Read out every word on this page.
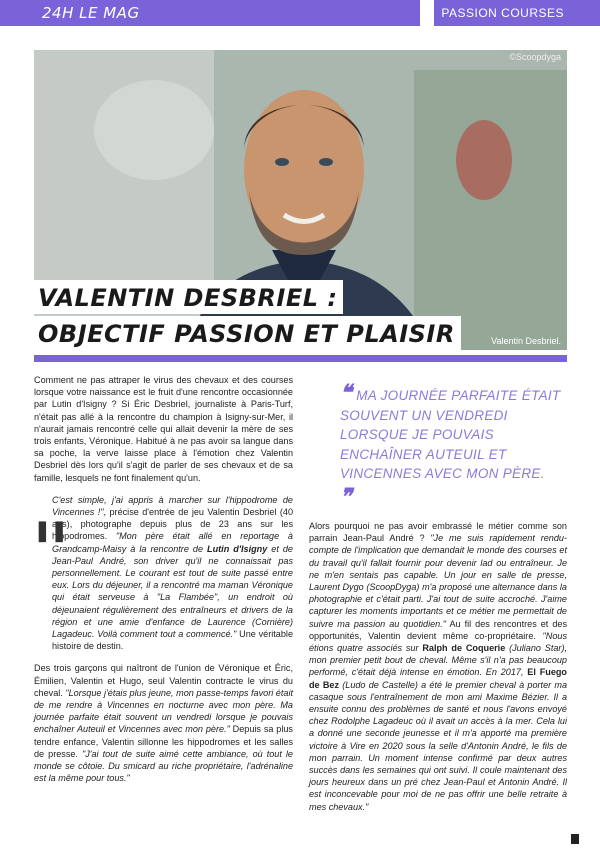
24H LE MAG	PASSION COURSES
©Scoopdyga
Valentin Desbriel.
VALENTIN DESBRIEL :
OBJECTIF PASSION ET PLAISIR

Comment ne pas attraper le virus des chevaux et des courses lorsque votre naissance est le fruit d'une rencontre occasionnée par Lutin d'Isigny ? Si Éric Desbriel, journaliste à Paris-Turf, n'était pas allé à la rencontre du champion à Isigny-sur-Mer, il n'aurait jamais rencontré celle qui allait devenir la mère de ses trois enfants, Véronique. Habitué à ne pas avoir sa langue dans sa poche, la verve laisse place à l'émotion chez Valentin Desbriel dès lors qu'il s'agit de parler de ses chevaux et de sa famille, lesquels ne font finalement qu'un.

C'est simple, j'ai appris à marcher sur l'hippodrome de Vincennes !", précise d'entrée de jeu Valentin Desbriel (40 ans), photographe depuis plus de 23 ans sur les hippodromes. "Mon père était allé en reportage à Grandcamp-Maisy à la rencontre de Lutin d'Isigny et de Jean-Paul André, son driver qu'il ne connaissait pas personnellement. Le courant est tout de suite passé entre eux. Lors du déjeuner, il a rencontré ma maman Véronique qui était serveuse à "La Flambée", un endroit où déjeunaient régulièrement des entraîneurs et drivers de la région et une amie d'enfance de Laurence (Cornière) Lagadeuc. Voilà comment tout a commencé." Une véritable histoire de destin.

Des trois garçons qui naîtront de l'union de Véronique et Éric, Émilien, Valentin et Hugo, seul Valentin contracte le virus du cheval. "Lorsque j'étais plus jeune, mon passe-temps favori était de me rendre à Vincennes en nocturne avec mon père. Ma journée parfaite était souvent un vendredi lorsque je pouvais enchaîner Auteuil et Vincennes avec mon père." Depuis sa plus tendre enfance, Valentin sillonne les hippodromes et les salles de presse. "J'ai tout de suite aimé cette ambiance, où tout le monde se côtoie. Du smicard au riche propriétaire, l'adrénaline est la même pour tous."

❚❚
❝ MA JOURNÉE PARFAITE ÉTAIT SOUVENT UN VENDREDI LORSQUE JE POUVAIS ENCHAÎNER AUTEUIL ET VINCENNES AVEC MON PÈRE.
❞

Alors pourquoi ne pas avoir embrassé le métier comme son parrain Jean-Paul André ? "Je me suis rapidement rendu-compte de l'implication que demandait le monde des courses et du travail qu'il fallait fournir pour devenir lad ou entraîneur. Je ne m'en sentais pas capable. Un jour en salle de presse, Laurent Dygo (ScoopDyga) m'a proposé une alternance dans la photographie et c'était parti. J'ai tout de suite accroché. J'aime capturer les moments importants et ce métier me permettait de suivre ma passion au quotidien." Au fil des rencontres et des opportunités, Valentin devient même co-propriétaire. "Nous étions quatre associés sur Ralph de Coquerie (Juliano Star), mon premier petit bout de cheval. Même s'il n'a pas beaucoup performé, c'était déjà intense en émotion. En 2017, El Fuego de Bez (Ludo de Castelle) a été le premier cheval à porter ma casaque sous l'entraînement de mon ami Maxime Bézier. Il a ensuite connu des problèmes de santé et nous l'avons envoyé chez Rodolphe Lagadeuc où il avait un accès à la mer. Cela lui a donné une seconde jeunesse et il m'a apporté ma première victoire à Vire en 2020 sous la selle d'Antonin André, le fils de mon parrain. Un moment intense confirmé par deux autres succès dans les semaines qui ont suivi. Il coule maintenant des jours heureux dans un pré chez Jean-Paul et Antonin André. Il est inconcevable pour moi de ne pas offrir une belle retraite à mes chevaux."
